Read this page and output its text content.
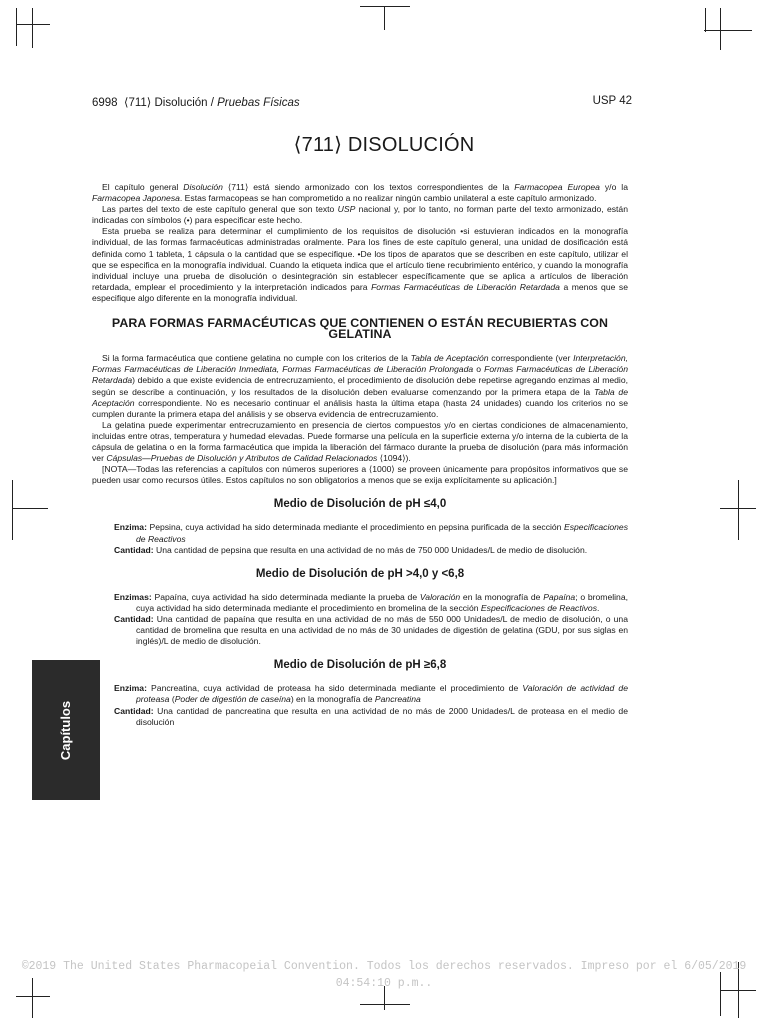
6998 ⟨711⟩ Disolución / Pruebas Físicas	USP 42
⟨711⟩ DISOLUCIÓN

El capítulo general Disolución ⟨711⟩ está siendo armonizado con los textos correspondientes de la Farmacopea Europea y/o la Farmacopea Japonesa. Estas farmacopeas se han comprometido a no realizar ningún cambio unilateral a este capítulo armonizado.

Las partes del texto de este capítulo general que son texto USP nacional y, por lo tanto, no forman parte del texto armonizado, están indicadas con símbolos (•) para especificar este hecho.

Esta prueba se realiza para determinar el cumplimiento de los requisitos de disolución •si estuvieran indicados en la monografía individual, de las formas farmacéuticas administradas oralmente. Para los fines de este capítulo general, una unidad de dosificación está definida como 1 tableta, 1 cápsula o la cantidad que se especifique. •De los tipos de aparatos que se describen en este capítulo, utilizar el que se especifica en la monografía individual. Cuando la etiqueta indica que el artículo tiene recubrimiento entérico, y cuando la monografía individual incluye una prueba de disolución o desintegración sin establecer específicamente que se aplica a artículos de liberación retardada, emplear el procedimiento y la interpretación indicados para Formas Farmacéuticas de Liberación Retardada a menos que se especifique algo diferente en la monografía individual.

PARA FORMAS FARMACÉUTICAS QUE CONTIENEN O ESTÁN RECUBIERTAS CON GELATINA

Si la forma farmacéutica que contiene gelatina no cumple con los criterios de la Tabla de Aceptación correspondiente (ver Interpretación, Formas Farmacéuticas de Liberación Inmediata, Formas Farmacéuticas de Liberación Prolongada o Formas Farmacéuticas de Liberación Retardada) debido a que existe evidencia de entrecruzamiento, el procedimiento de disolución debe repetirse agregando enzimas al medio, según se describe a continuación, y los resultados de la disolución deben evaluarse comenzando por la primera etapa de la Tabla de Aceptación correspondiente. No es necesario continuar el análisis hasta la última etapa (hasta 24 unidades) cuando los criterios no se cumplen durante la primera etapa del análisis y se observa evidencia de entrecruzamiento.

La gelatina puede experimentar entrecruzamiento en presencia de ciertos compuestos y/o en ciertas condiciones de almacenamiento, incluidas entre otras, temperatura y humedad elevadas. Puede formarse una película en la superficie externa y/o interna de la cubierta de la cápsula de gelatina o en la forma farmacéutica que impida la liberación del fármaco durante la prueba de disolución (para más información ver Cápsulas—Pruebas de Disolución y Atributos de Calidad Relacionados ⟨1094⟩).

[NOTA—Todas las referencias a capítulos con números superiores a ⟨1000⟩ se proveen únicamente para propósitos informativos que se pueden usar como recursos útiles. Estos capítulos no son obligatorios a menos que se exija explícitamente su aplicación.]

Medio de Disolución de pH ≤4,0

Enzima: Pepsina, cuya actividad ha sido determinada mediante el procedimiento en pepsina purificada de la sección Especificaciones de Reactivos

Cantidad: Una cantidad de pepsina que resulta en una actividad de no más de 750 000 Unidades/L de medio de disolución.

Medio de Disolución de pH >4,0 y <6,8

Enzimas: Papaína, cuya actividad ha sido determinada mediante la prueba de Valoración en la monografía de Papaína; o bromelina, cuya actividad ha sido determinada mediante el procedimiento en bromelina de la sección Especificaciones de Reactivos.

Cantidad: Una cantidad de papaína que resulta en una actividad de no más de 550 000 Unidades/L de medio de disolución, o una cantidad de bromelina que resulta en una actividad de no más de 30 unidades de digestión de gelatina (GDU, por sus siglas en inglés)/L de medio de disolución.

Medio de Disolución de pH ≥6,8

Enzima: Pancreatina, cuya actividad de proteasa ha sido determinada mediante el procedimiento de Valoración de actividad de proteasa (Poder de digestión de caseína) en la monografía de Pancreatina

Cantidad: Una cantidad de pancreatina que resulta en una actividad de no más de 2000 Unidades/L de proteasa en el medio de disolución

Capítulos
©2019 The United States Pharmacopeial Convention. Todos los derechos reservados. Impreso por el 6/05/2019
04:54:10 p.m..
